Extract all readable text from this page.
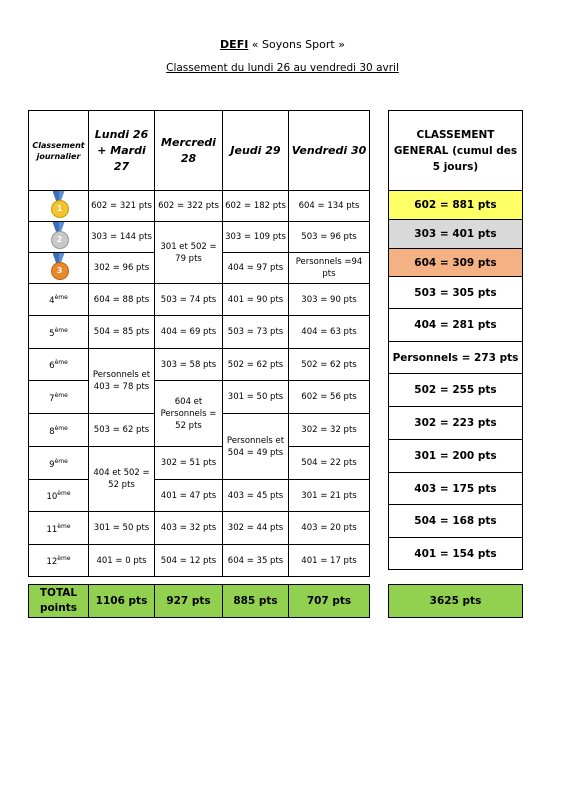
DEFI « Soyons Sport »
Classement du lundi 26 au vendredi 30 avril
Classement journalier	Lundi 26 + Mardi 27	Mercredi 28	Jeudi 29	Vendredi 30

1	602 = 321 pts	602 = 322 pts	602 = 182 pts	604 = 134 pts

2	303 = 144 pts	301 et 502 = 79 pts	303 = 109 pts	503 = 96 pts

3	302 = 96 pts		404 = 97 pts	Personnels =94 pts
4ème	604 = 88 pts	503 = 74 pts	401 = 90 pts	303 = 90 pts
5ème	504 = 85 pts	404 = 69 pts	503 = 73 pts	404 = 63 pts
6ème	Personnels et 403 = 78 pts	303 = 58 pts	502 = 62 pts	502 = 62 pts
7ème		604 et Personnels = 52 pts	301 = 50 pts	602 = 56 pts
8ème	503 = 62 pts		Personnels et 504 = 49 pts	302 = 32 pts
9ème	404 et 502 = 52 pts	302 = 51 pts		504 = 22 pts
10ème		401 = 47 pts	403 = 45 pts	301 = 21 pts
11ème	301 = 50 pts	403 = 32 pts	302 = 44 pts	403 = 20 pts
12ème	401 = 0 pts	504 = 12 pts	604 = 35 pts	401 = 17 pts
CLASSEMENT GENERAL (cumul des 5 jours)
602 = 881 pts
303 = 401 pts
604 = 309 pts
503 = 305 pts
404 = 281 pts
Personnels = 273 pts
502 = 255 pts
302 = 223 pts
301 = 200 pts
403 = 175 pts
504 = 168 pts
401 = 154 pts
TOTAL points	1106 pts	927 pts	885 pts	707 pts	3625 pts
